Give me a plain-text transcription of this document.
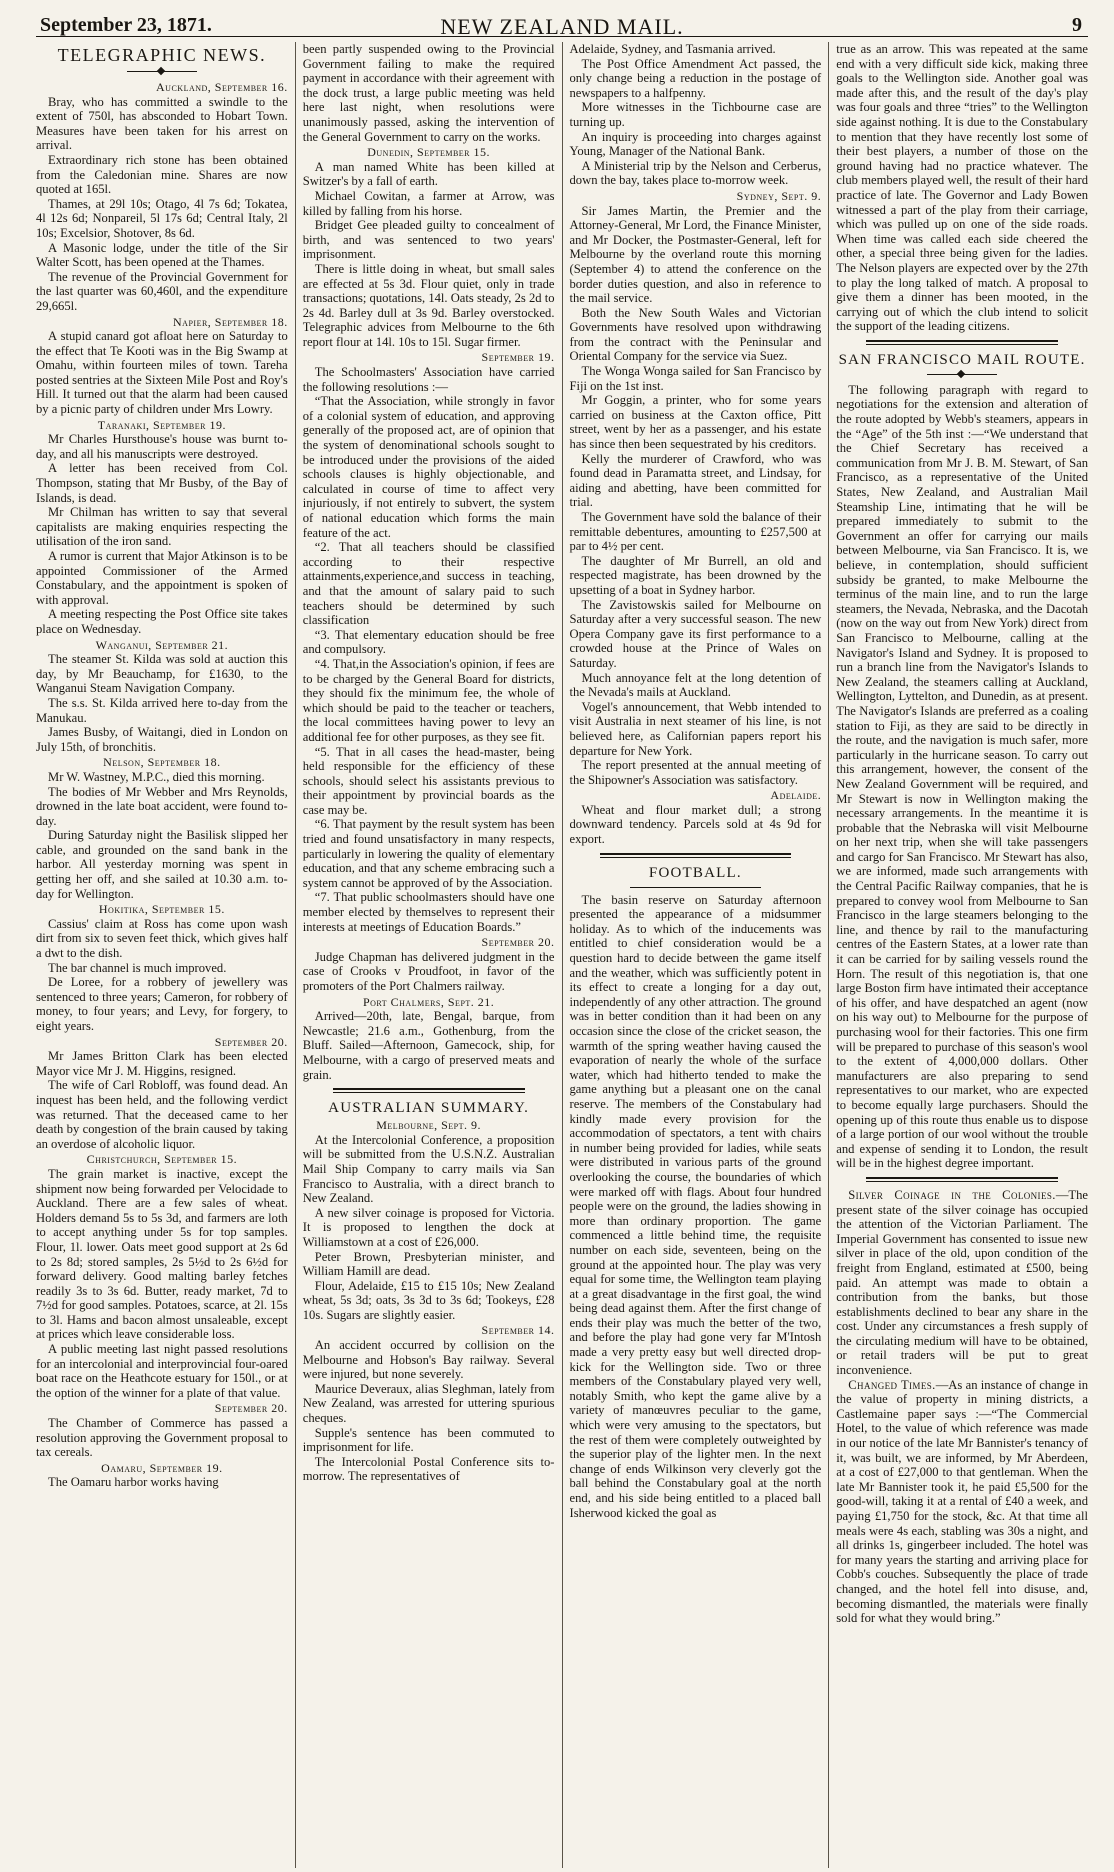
September 23, 1871.	NEW ZEALAND MAIL.	9
TELEGRAPHIC NEWS.
Auckland, September 16.

Bray, who has committed a swindle to the extent of 750l, has absconded to Hobart Town. Measures have been taken for his arrest on arrival.

Extraordinary rich stone has been obtained from the Caledonian mine. Shares are now quoted at 165l.

Thames, at 29l 10s; Otago, 4l 7s 6d; Tokatea, 4l 12s 6d; Nonpareil, 5l 17s 6d; Central Italy, 2l 10s; Excelsior, Shotover, 8s 6d.

A Masonic lodge, under the title of the Sir Walter Scott, has been opened at the Thames.

The revenue of the Provincial Government for the last quarter was 60,460l, and the expenditure 29,665l.

Napier, September 18.

A stupid canard got afloat here on Saturday to the effect that Te Kooti was in the Big Swamp at Omahu, within fourteen miles of town. Tareha posted sentries at the Sixteen Mile Post and Roy's Hill. It turned out that the alarm had been caused by a picnic party of children under Mrs Lowry.

Taranaki, September 19.

Mr Charles Hursthouse's house was burnt to-day, and all his manuscripts were destroyed.

A letter has been received from Col. Thompson, stating that Mr Busby, of the Bay of Islands, is dead.

Mr Chilman has written to say that several capitalists are making enquiries respecting the utilisation of the iron sand.

A rumor is current that Major Atkinson is to be appointed Commissioner of the Armed Constabulary, and the appointment is spoken of with approval.

A meeting respecting the Post Office site takes place on Wednesday.

Wanganui, September 21.

The steamer St. Kilda was sold at auction this day, by Mr Beauchamp, for £1630, to the Wanganui Steam Navigation Company.

The s.s. St. Kilda arrived here to-day from the Manukau.

James Busby, of Waitangi, died in London on July 15th, of bronchitis.

Nelson, September 18.

Mr W. Wastney, M.P.C., died this morning.

The bodies of Mr Webber and Mrs Reynolds, drowned in the late boat accident, were found to-day.

During Saturday night the Basilisk slipped her cable, and grounded on the sand bank in the harbor. All yesterday morning was spent in getting her off, and she sailed at 10.30 a.m. to-day for Wellington.

Hokitika, September 15.

Cassius' claim at Ross has come upon wash dirt from six to seven feet thick, which gives half a dwt to the dish.

The bar channel is much improved.

De Loree, for a robbery of jewellery was sentenced to three years; Cameron, for robbery of money, to four years; and Levy, for forgery, to eight years.

September 20.

Mr James Britton Clark has been elected Mayor vice Mr J. M. Higgins, resigned.

The wife of Carl Robloff, was found dead. An inquest has been held, and the following verdict was returned. That the deceased came to her death by congestion of the brain caused by taking an overdose of alcoholic liquor.

Christchurch, September 15.

The grain market is inactive, except the shipment now being forwarded per Velocidade to Auckland. There are a few sales of wheat. Holders demand 5s to 5s 3d, and farmers are loth to accept anything under 5s for top samples. Flour, 1l. lower. Oats meet good support at 2s 6d to 2s 8d; stored samples, 2s 5½d to 2s 6½d for forward delivery. Good malting barley fetches readily 3s to 3s 6d. Butter, ready market, 7d to 7½d for good samples. Potatoes, scarce, at 2l. 15s to 3l. Hams and bacon almost unsaleable, except at prices which leave considerable loss.

A public meeting last night passed resolutions for an intercolonial and interprovincial four-oared boat race on the Heathcote estuary for 150l., or at the option of the winner for a plate of that value.

September 20.

The Chamber of Commerce has passed a resolution approving the Government proposal to tax cereals.

Oamaru, September 19.

The Oamaru harbor works having

been partly suspended owing to the Provincial Government failing to make the required payment in accordance with their agreement with the dock trust, a large public meeting was held here last night, when resolutions were unanimously passed, asking the intervention of the General Government to carry on the works.

Dunedin, September 15.

A man named White has been killed at Switzer's by a fall of earth.

Michael Cowitan, a farmer at Arrow, was killed by falling from his horse.

Bridget Gee pleaded guilty to concealment of birth, and was sentenced to two years' imprisonment.

There is little doing in wheat, but small sales are effected at 5s 3d. Flour quiet, only in trade transactions; quotations, 14l. Oats steady, 2s 2d to 2s 4d. Barley dull at 3s 9d. Barley overstocked. Telegraphic advices from Melbourne to the 6th report flour at 14l. 10s to 15l. Sugar firmer.

September 19.

The Schoolmasters' Association have carried the following resolutions :—

“That the Association, while strongly in favor of a colonial system of education, and approving generally of the proposed act, are of opinion that the system of denominational schools sought to be introduced under the provisions of the aided schools clauses is highly objectionable, and calculated in course of time to affect very injuriously, if not entirely to subvert, the system of national education which forms the main feature of the act.

“2. That all teachers should be classified according to their respective attainments,experience,and success in teaching, and that the amount of salary paid to such teachers should be determined by such classification

“3. That elementary education should be free and compulsory.

“4. That,in the Association's opinion, if fees are to be charged by the General Board for districts, they should fix the minimum fee, the whole of which should be paid to the teacher or teachers, the local committees having power to levy an additional fee for other purposes, as they see fit.

“5. That in all cases the head-master, being held responsible for the efficiency of these schools, should select his assistants previous to their appointment by provincial boards as the case may be.

“6. That payment by the result system has been tried and found unsatisfactory in many respects, particularly in lowering the quality of elementary education, and that any scheme embracing such a system cannot be approved of by the Association.

“7. That public schoolmasters should have one member elected by themselves to represent their interests at meetings of Education Boards.”

September 20.

Judge Chapman has delivered judgment in the case of Crooks v Proudfoot, in favor of the promoters of the Port Chalmers railway.

Port Chalmers, Sept. 21.

Arrived—20th, late, Bengal, barque, from Newcastle; 21.6 a.m., Gothenburg, from the Bluff. Sailed—Afternoon, Gamecock, ship, for Melbourne, with a cargo of preserved meats and grain.

AUSTRALIAN SUMMARY.
Melbourne, Sept. 9.

At the Intercolonial Conference, a proposition will be submitted from the U.S.N.Z. Australian Mail Ship Company to carry mails via San Francisco to Australia, with a direct branch to New Zealand.

A new silver coinage is proposed for Victoria. It is proposed to lengthen the dock at Williamstown at a cost of £26,000.

Peter Brown, Presbyterian minister, and William Hamill are dead.

Flour, Adelaide, £15 to £15 10s; New Zealand wheat, 5s 3d; oats, 3s 3d to 3s 6d; Tookeys, £28 10s. Sugars are slightly easier.

September 14.

An accident occurred by collision on the Melbourne and Hobson's Bay railway. Several were injured, but none severely.

Maurice Deveraux, alias Sleghman, lately from New Zealand, was arrested for uttering spurious cheques.

Supple's sentence has been commuted to imprisonment for life.

The Intercolonial Postal Conference sits to-morrow. The representatives of

Adelaide, Sydney, and Tasmania arrived.

The Post Office Amendment Act passed, the only change being a reduction in the postage of newspapers to a halfpenny.

More witnesses in the Tichbourne case are turning up.

An inquiry is proceeding into charges against Young, Manager of the National Bank.

A Ministerial trip by the Nelson and Cerberus, down the bay, takes place to-morrow week.

Sydney, Sept. 9.

Sir James Martin, the Premier and the Attorney-General, Mr Lord, the Finance Minister, and Mr Docker, the Postmaster-General, left for Melbourne by the overland route this morning (September 4) to attend the conference on the border duties question, and also in reference to the mail service.

Both the New South Wales and Victorian Governments have resolved upon withdrawing from the contract with the Peninsular and Oriental Company for the service via Suez.

The Wonga Wonga sailed for San Francisco by Fiji on the 1st inst.

Mr Goggin, a printer, who for some years carried on business at the Caxton office, Pitt street, went by her as a passenger, and his estate has since then been sequestrated by his creditors.

Kelly the murderer of Crawford, who was found dead in Paramatta street, and Lindsay, for aiding and abetting, have been committed for trial.

The Government have sold the balance of their remittable debentures, amounting to £257,500 at par to 4½ per cent.

The daughter of Mr Burrell, an old and respected magistrate, has been drowned by the upsetting of a boat in Sydney harbor.

The Zavistowskis sailed for Melbourne on Saturday after a very successful season. The new Opera Company gave its first performance to a crowded house at the Prince of Wales on Saturday.

Much annoyance felt at the long detention of the Nevada's mails at Auckland.

Vogel's announcement, that Webb intended to visit Australia in next steamer of his line, is not believed here, as Californian papers report his departure for New York.

The report presented at the annual meeting of the Shipowner's Association was satisfactory.

Adelaide.

Wheat and flour market dull; a strong downward tendency. Parcels sold at 4s 9d for export.

FOOTBALL.

The basin reserve on Saturday afternoon presented the appearance of a midsummer holiday. As to which of the inducements was entitled to chief consideration would be a question hard to decide between the game itself and the weather, which was sufficiently potent in its effect to create a longing for a day out, independently of any other attraction. The ground was in better condition than it had been on any occasion since the close of the cricket season, the warmth of the spring weather having caused the evaporation of nearly the whole of the surface water, which had hitherto tended to make the game anything but a pleasant one on the canal reserve. The members of the Constabulary had kindly made every provision for the accommodation of spectators, a tent with chairs in number being provided for ladies, while seats were distributed in various parts of the ground overlooking the course, the boundaries of which were marked off with flags. About four hundred people were on the ground, the ladies showing in more than ordinary proportion. The game commenced a little behind time, the requisite number on each side, seventeen, being on the ground at the appointed hour. The play was very equal for some time, the Wellington team playing at a great disadvantage in the first goal, the wind being dead against them. After the first change of ends their play was much the better of the two, and before the play had gone very far M'Intosh made a very pretty easy but well directed drop-kick for the Wellington side. Two or three members of the Constabulary played very well, notably Smith, who kept the game alive by a variety of manœuvres peculiar to the game, which were very amusing to the spectators, but the rest of them were completely outweighted by the superior play of the lighter men. In the next change of ends Wilkinson very cleverly got the ball behind the Constabulary goal at the north end, and his side being entitled to a placed ball Isherwood kicked the goal as

true as an arrow. This was repeated at the same end with a very difficult side kick, making three goals to the Wellington side. Another goal was made after this, and the result of the day's play was four goals and three “tries” to the Wellington side against nothing. It is due to the Constabulary to mention that they have recently lost some of their best players, a number of those on the ground having had no practice whatever. The club members played well, the result of their hard practice of late. The Governor and Lady Bowen witnessed a part of the play from their carriage, which was pulled up on one of the side roads. When time was called each side cheered the other, a special three being given for the ladies. The Nelson players are expected over by the 27th to play the long talked of match. A proposal to give them a dinner has been mooted, in the carrying out of which the club intend to solicit the support of the leading citizens.

SAN FRANCISCO MAIL ROUTE.

The following paragraph with regard to negotiations for the extension and alteration of the route adopted by Webb's steamers, appears in the “Age” of the 5th inst :—“We understand that the Chief Secretary has received a communication from Mr J. B. M. Stewart, of San Francisco, as a representative of the United States, New Zealand, and Australian Mail Steamship Line, intimating that he will be prepared immediately to submit to the Government an offer for carrying our mails between Melbourne, via San Francisco. It is, we believe, in contemplation, should sufficient subsidy be granted, to make Melbourne the terminus of the main line, and to run the large steamers, the Nevada, Nebraska, and the Dacotah (now on the way out from New York) direct from San Francisco to Melbourne, calling at the Navigator's Island and Sydney. It is proposed to run a branch line from the Navigator's Islands to New Zealand, the steamers calling at Auckland, Wellington, Lyttelton, and Dunedin, as at present. The Navigator's Islands are preferred as a coaling station to Fiji, as they are said to be directly in the route, and the navigation is much safer, more particularly in the hurricane season. To carry out this arrangement, however, the consent of the New Zealand Government will be required, and Mr Stewart is now in Wellington making the necessary arrangements. In the meantime it is probable that the Nebraska will visit Melbourne on her next trip, when she will take passengers and cargo for San Francisco. Mr Stewart has also, we are informed, made such arrangements with the Central Pacific Railway companies, that he is prepared to convey wool from Melbourne to San Francisco in the large steamers belonging to the line, and thence by rail to the manufacturing centres of the Eastern States, at a lower rate than it can be carried for by sailing vessels round the Horn. The result of this negotiation is, that one large Boston firm have intimated their acceptance of his offer, and have despatched an agent (now on his way out) to Melbourne for the purpose of purchasing wool for their factories. This one firm will be prepared to purchase of this season's wool to the extent of 4,000,000 dollars. Other manufacturers are also preparing to send representatives to our market, who are expected to become equally large purchasers. Should the opening up of this route thus enable us to dispose of a large portion of our wool without the trouble and expense of sending it to London, the result will be in the highest degree important.

Silver Coinage in the Colonies.—The present state of the silver coinage has occupied the attention of the Victorian Parliament. The Imperial Government has consented to issue new silver in place of the old, upon condition of the freight from England, estimated at £500, being paid. An attempt was made to obtain a contribution from the banks, but those establishments declined to bear any share in the cost. Under any circumstances a fresh supply of the circulating medium will have to be obtained, or retail traders will be put to great inconvenience.

Changed Times.—As an instance of change in the value of property in mining districts, a Castlemaine paper says :—“The Commercial Hotel, to the value of which reference was made in our notice of the late Mr Bannister's tenancy of it, was built, we are informed, by Mr Aberdeen, at a cost of £27,000 to that gentleman. When the late Mr Bannister took it, he paid £5,500 for the good-will, taking it at a rental of £40 a week, and paying £1,750 for the stock, &c. At that time all meals were 4s each, stabling was 30s a night, and all drinks 1s, gingerbeer included. The hotel was for many years the starting and arriving place for Cobb's couches. Subsequently the place of trade changed, and the hotel fell into disuse, and, becoming dismantled, the materials were finally sold for what they would bring.”
